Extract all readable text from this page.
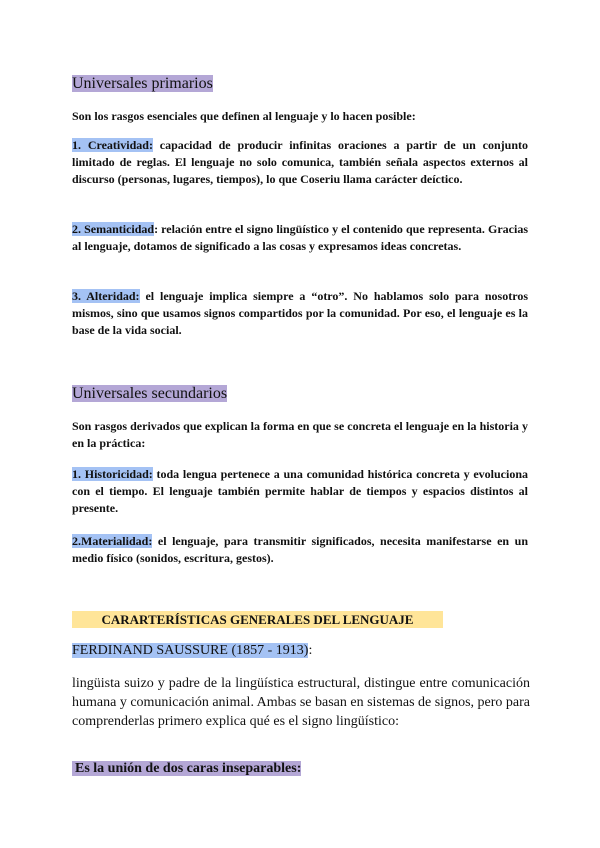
Universales primarios

Son los rasgos esenciales que definen al lenguaje y lo hacen posible:

1. Creatividad: capacidad de producir infinitas oraciones a partir de un conjunto limitado de reglas. El lenguaje no solo comunica, también señala aspectos externos al discurso (personas, lugares, tiempos), lo que Coseriu llama carácter deíctico.

2. Semanticidad: relación entre el signo lingüístico y el contenido que representa. Gracias al lenguaje, dotamos de significado a las cosas y expresamos ideas concretas.

3. Alteridad: el lenguaje implica siempre a “otro”. No hablamos solo para nosotros mismos, sino que usamos signos compartidos por la comunidad. Por eso, el lenguaje es la base de la vida social.

Universales secundarios

Son rasgos derivados que explican la forma en que se concreta el lenguaje en la historia y en la práctica:

1. Historicidad: toda lengua pertenece a una comunidad histórica concreta y evoluciona con el tiempo. El lenguaje también permite hablar de tiempos y espacios distintos al presente.

2.Materialidad: el lenguaje, para transmitir significados, necesita manifestarse en un medio físico (sonidos, escritura, gestos).

CARARTERÍSTICAS GENERALES DEL LENGUAJE
FERDINAND SAUSSURE (1857 - 1913):

lingüista suizo y padre de la lingüística estructural, distingue entre comunicación humana y comunicación animal. Ambas se basan en sistemas de signos, pero para comprenderlas primero explica qué es el signo lingüístico:

Es la unión de dos caras inseparables:
